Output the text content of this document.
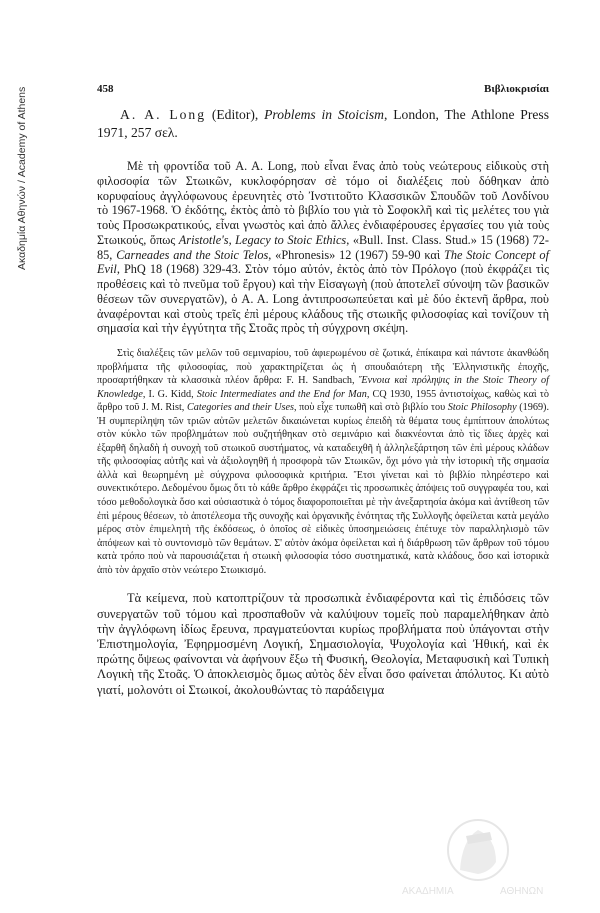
Ακαδημία Αθηνών / Academy of Athens	458	Βιβλιοκρισίαι

A. A. Long (Editor), Problems in Stoicism, London, The Athlone Press 1971, 257 σελ.

Μὲ τὴ φροντίδα τοῦ A. A. Long, ποὺ εἶναι ἕνας ἀπὸ τοὺς νεώτερους εἰδικοὺς στὴ φιλοσοφία τῶν Στωικῶν, κυκλοφόρησαν σὲ τόμο οἱ διαλέξεις ποὺ δόθηκαν ἀπὸ κορυφαίους ἀγγλόφωνους ἐρευνητὲς στὸ Ἰνστιτοῦτο Κλασσικῶν Σπουδῶν τοῦ Λονδίνου τὸ 1967-1968. Ὁ ἐκδότης, ἐκτὸς ἀπὸ τὸ βιβλίο του γιὰ τὸ Σοφοκλῆ καὶ τὶς μελέτες του γιὰ τοὺς Προσωκρατικούς, εἶναι γνωστὸς καὶ ἀπὸ ἄλλες ἐνδιαφέρουσες ἐργασίες του γιὰ τοὺς Στωικούς, ὅπως Aristotle's, Legacy to Stoic Ethics, «Bull. Inst. Class. Stud.» 15 (1968) 72-85, Carneades and the Stoic Telos, «Phronesis» 12 (1967) 59-90 καὶ The Stoic Concept of Evil, PhQ 18 (1968) 329-43. Στὸν τόμο αὐτόν, ἐκτὸς ἀπὸ τὸν Πρόλογο (ποὺ ἐκφράζει τὶς προθέσεις καὶ τὸ πνεῦμα τοῦ ἔργου) καὶ τὴν Εἰσαγωγὴ (ποὺ ἀποτελεῖ σύνοψη τῶν βασικῶν θέσεων τῶν συνεργατῶν), ὁ A. A. Long ἀντιπροσωπεύεται καὶ μὲ δύο ἐκτενῆ ἄρθρα, ποὺ ἀναφέρονται καὶ στοὺς τρεῖς ἐπὶ μέρους κλάδους τῆς στωικῆς φιλοσοφίας καὶ τονίζουν τὴ σημασία καὶ τὴν ἐγγύτητα τῆς Στοᾶς πρὸς τὴ σύγχρονη σκέψη.

Στὶς διαλέξεις τῶν μελῶν τοῦ σεμιναρίου, τοῦ ἀφιερωμένου σὲ ζωτικά, ἐπίκαιρα καὶ πάντοτε ἀκανθώδη προβλήματα τῆς φιλοσοφίας, ποὺ χαρακτηρίζεται ὡς ἡ σπουδαιότερη τῆς Ἑλληνιστικῆς ἐποχῆς, προσαρτήθηκαν τὰ κλασσικὰ πλέον ἄρθρα: F. H. Sandbach, Ἔννοια καὶ πρόληψις in the Stoic Theory of Knowledge, I. G. Kidd, Stoic Intermediates and the End for Man, CQ 1930, 1955 ἀντιστοίχως, καθὼς καὶ τὸ ἄρθρο τοῦ J. M. Rist, Categories and their Uses, ποὺ εἶχε τυπωθῆ καὶ στὸ βιβλίο του Stoic Philosophy (1969). Ἡ συμπερίληψη τῶν τριῶν αὐτῶν μελετῶν δικαιώνεται κυρίως ἐπειδὴ τὰ θέματα τους ἐμπίπτουν ἀπολύτως στὸν κύκλο τῶν προβλημάτων ποὺ συζητήθηκαν στὸ σεμινάριο καὶ διακνέονται ἀπὸ τὶς ἴδιες ἀρχὲς καὶ ἐξαρθῆ δηλαδὴ ἡ συνοχὴ τοῦ στωικοῦ συστήματος, νὰ καταδειχθῆ ἡ ἀλληλεξάρτηση τῶν ἐπὶ μέρους κλάδων τῆς φιλοσοφίας αὐτῆς καὶ νὰ ἀξιολογηθῆ ἡ προσφορὰ τῶν Στωικῶν, ὄχι μόνο γιὰ τὴν ἱστορικὴ τῆς σημασία ἀλλὰ καὶ θεωρημένη μὲ σύγχρονα φιλοσοφικὰ κριτήρια. Ἔτσι γίνεται καὶ τὸ βιβλίο πληρέστερο καὶ συνεκτικότερο. Δεδομένου ὅμως ὅτι τὸ κάθε ἄρθρο ἐκφράζει τὶς προσωπικὲς ἀπόψεις τοῦ συγγραφέα του, καὶ τόσο μεθοδολογικὰ ὅσο καὶ οὐσιαστικὰ ὁ τόμος διαφοροποιεῖται μὲ τὴν ἀνεξαρτησία ἀκόμα καὶ ἀντίθεση τῶν ἐπὶ μέρους θέσεων, τὸ ἀποτέλεσμα τῆς συνοχῆς καὶ ὀργανικῆς ἑνότητας τῆς Συλλογῆς ὀφείλεται κατὰ μεγάλο μέρος στὸν ἐπιμελητὴ τῆς ἐκδόσεως, ὁ ὁποῖος σὲ εἰδικὲς ὑποσημειώσεις ἐπέτυχε τὸν παραλληλισμὸ τῶν ἀπόψεων καὶ τὸ συντονισμὸ τῶν θεμάτων. Σ' αὐτὸν ἀκόμα ὀφείλεται καὶ ἡ διάρθρωση τῶν ἄρθρων τοῦ τόμου κατὰ τρόπο ποὺ νὰ παρουσιάζεται ἡ στωικὴ φιλοσοφία τόσο συστηματικά, κατὰ κλάδους, ὅσο καὶ ἱστορικὰ ἀπὸ τὸν ἀρχαῖο στὸν νεώτερο Στωικισμό.

Τὰ κείμενα, ποὺ κατοπτρίζουν τὰ προσωπικὰ ἐνδιαφέροντα καὶ τὶς ἐπιδόσεις τῶν συνεργατῶν τοῦ τόμου καὶ προσπαθοῦν νὰ καλύψουν τομεῖς ποὺ παραμελήθηκαν ἀπὸ τὴν ἀγγλόφωνη ἰδίως ἔρευνα, πραγματεύονται κυρίως προβλήματα ποὺ ὑπάγονται στὴν Ἐπιστημολογία, Ἐφηρμοσμένη Λογική, Σημασιολογία, Ψυχολογία καὶ Ἠθική, καὶ ἐκ πρώτης ὄψεως φαίνονται νὰ ἀφήνουν ἔξω τὴ Φυσική, Θεολογία, Μεταφυσικὴ καὶ Τυπικὴ Λογικὴ τῆς Στοᾶς. Ὁ ἀποκλεισμὸς ὅμως αὐτὸς δὲν εἶναι ὅσο φαίνεται ἀπόλυτος. Κι αὐτὸ γιατί, μολονότι οἱ Στωικοί, ἀκολουθώντας τὸ παράδειγμα

ΑΚΑΔΗΜΙΑ	ΑΘΗΝΩΝ
